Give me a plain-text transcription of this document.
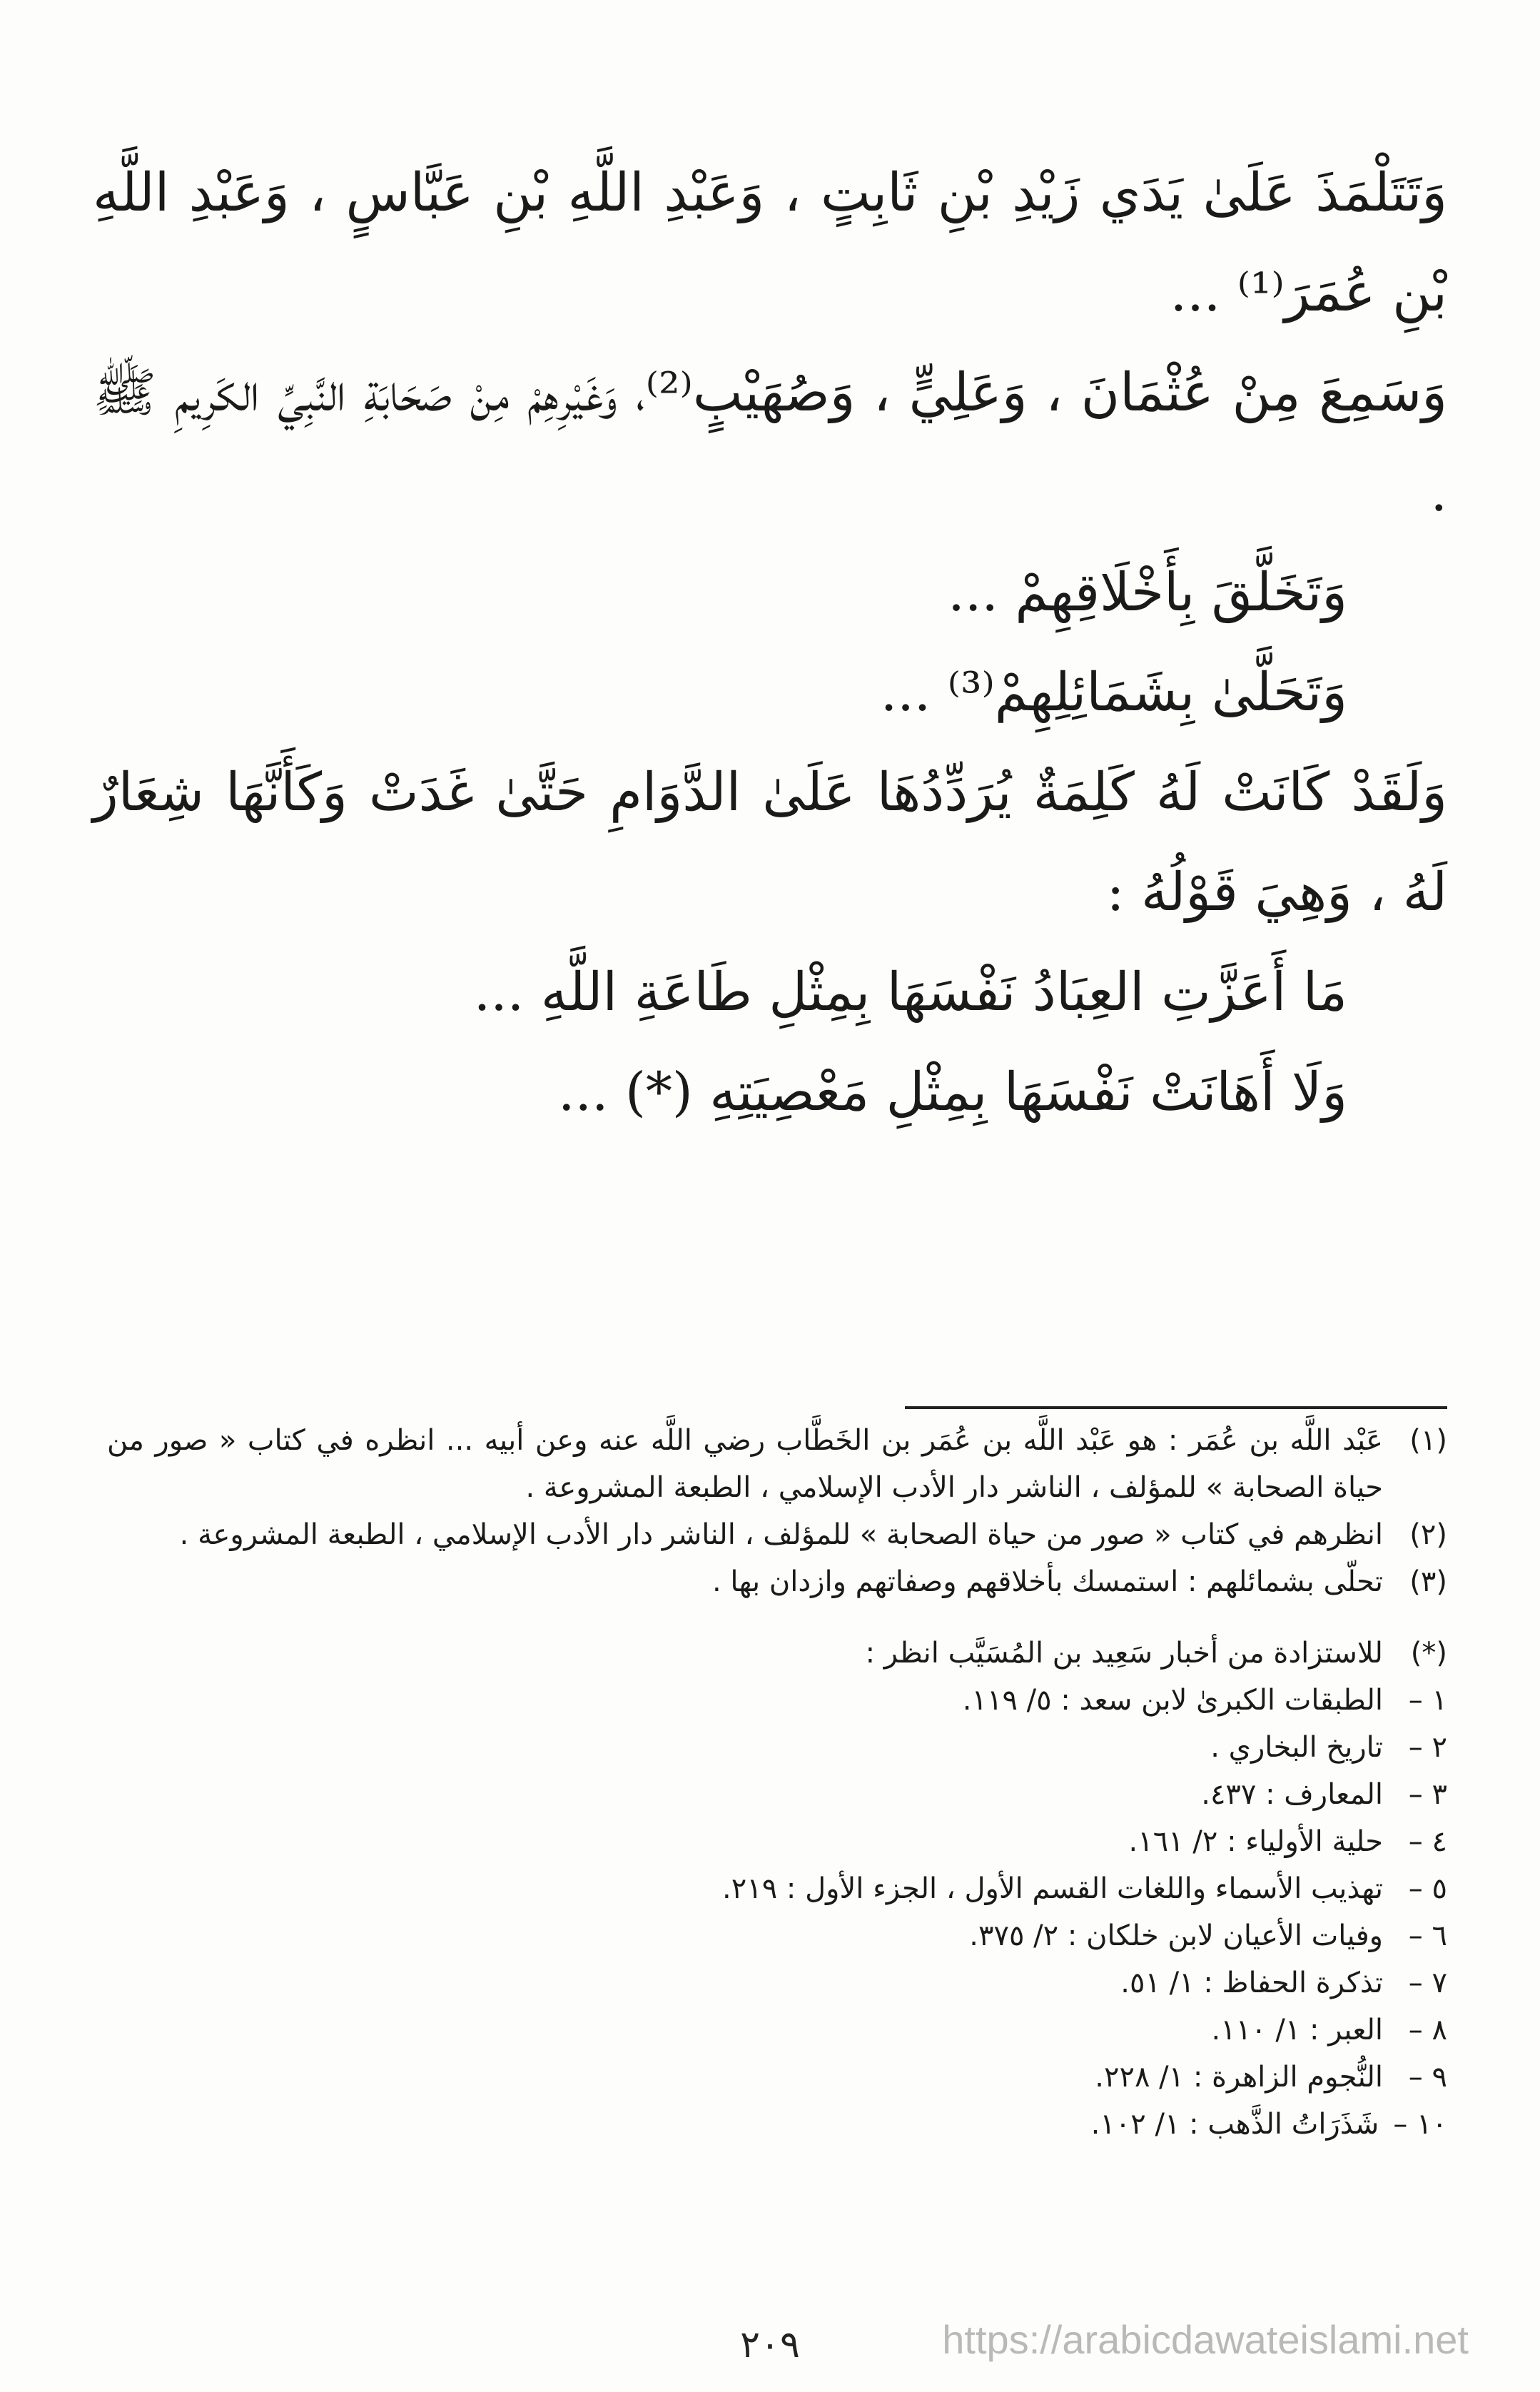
وَتَتَلْمَذَ عَلَىٰ يَدَي زَيْدِ بْنِ ثَابِتٍ ، وَعَبْدِ اللَّهِ بْنِ عَبَّاسٍ ، وَعَبْدِ اللَّهِ بْنِ عُمَرَ⁽¹⁾ ...

وَسَمِعَ مِنْ عُثْمَانَ ، وَعَلِيٍّ ، وَصُهَيْبٍ⁽²⁾، وَغَيْرِهِمْ مِنْ صَحَابَةِ النَّبِيِّ الكَرِيمِ ﷺ .

وَتَخَلَّقَ بِأَخْلَاقِهِمْ ...

وَتَحَلَّىٰ بِشَمَائِلِهِمْ⁽³⁾ ...

وَلَقَدْ كَانَتْ لَهُ كَلِمَةٌ يُرَدِّدُهَا عَلَىٰ الدَّوَامِ حَتَّىٰ غَدَتْ وَكَأَنَّهَا شِعَارٌ لَهُ ، وَهِيَ قَوْلُهُ :

مَا أَعَزَّتِ العِبَادُ نَفْسَهَا بِمِثْلِ طَاعَةِ اللَّهِ ...

وَلَا أَهَانَتْ نَفْسَهَا بِمِثْلِ مَعْصِيَتِهِ (*) ...

(١)
عَبْد اللَّه بن عُمَر : هو عَبْد اللَّه بن عُمَر بن الخَطَّاب رضي اللَّه عنه وعن أبيه ... انظره في كتاب « صور من حياة الصحابة » للمؤلف ، الناشر دار الأدب الإسلامي ، الطبعة المشروعة .
(٢)
انظرهم في كتاب « صور من حياة الصحابة » للمؤلف ، الناشر دار الأدب الإسلامي ، الطبعة المشروعة .
(٣)
تحلّى بشمائلهم : استمسك بأخلاقهم وصفاتهم وازدان بها .
(*)
للاستزادة من أخبار سَعِيد بن المُسَيَّب انظر :
١ –
الطبقات الكبرىٰ لابن سعد : ٥/ ١١٩.
٢ –
تاريخ البخاري .
٣ –
المعارف : ٤٣٧.
٤ –
حلية الأولياء : ٢/ ١٦١.
٥ –
تهذيب الأسماء واللغات القسم الأول ، الجزء الأول : ٢١٩.
٦ –
وفيات الأعيان لابن خلكان : ٢/ ٣٧٥.
٧ –
تذكرة الحفاظ : ١/ ٥١.
٨ –
العبر : ١/ ١١٠.
٩ –
النُّجوم الزاهرة : ١/ ٢٢٨.
١٠ –
شَذَرَاتُ الذَّهب : ١/ ١٠٢.
٢٠٩	https://arabicdawateislami.net
